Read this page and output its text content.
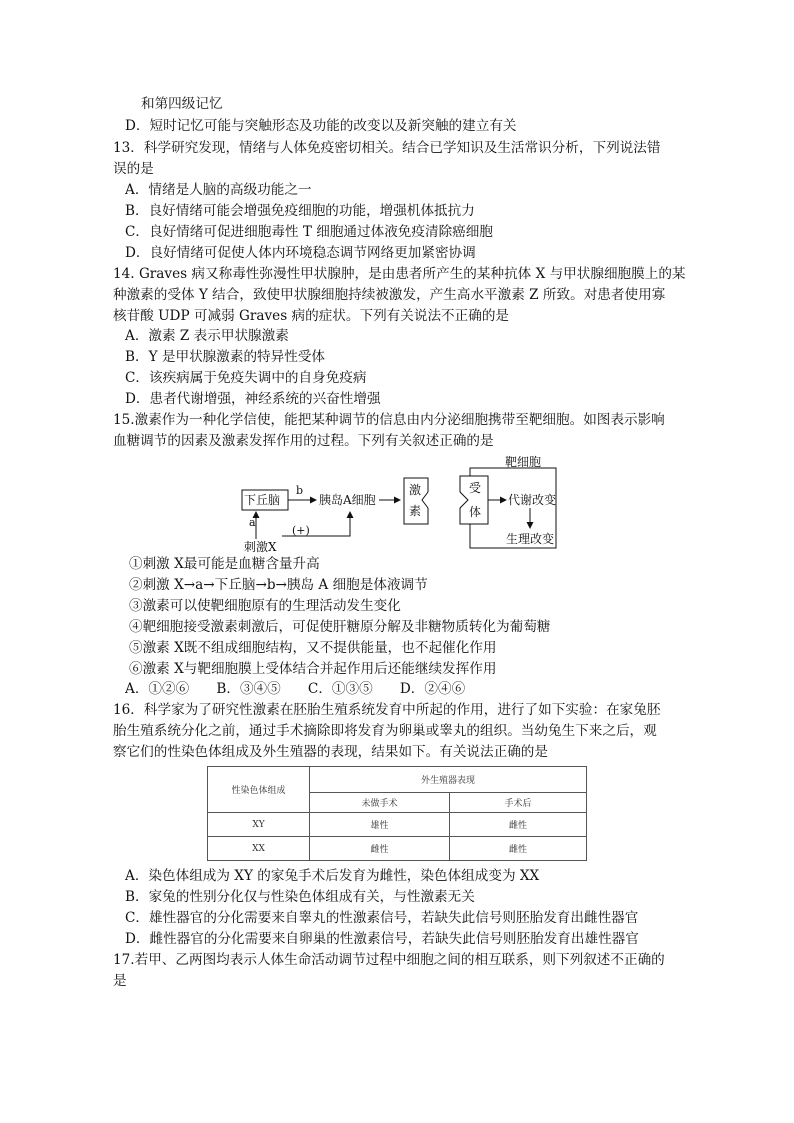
和第四级记忆
D．短时记忆可能与突触形态及功能的改变以及新突触的建立有关
13．科学研究发现，情绪与人体免疫密切相关。结合已学知识及生活常识分析，下列说法错
误的是
A．情绪是人脑的高级功能之一
B．良好情绪可能会增强免疫细胞的功能，增强机体抵抗力
C．良好情绪可促进细胞毒性 T 细胞通过体液免疫清除癌细胞
D．良好情绪可促使人体内环境稳态调节网络更加紧密协调
14. Graves 病又称毒性弥漫性甲状腺肿，是由患者所产生的某种抗体 X 与甲状腺细胞膜上的某
种激素的受体 Y 结合，致使甲状腺细胞持续被激发，产生高水平激素 Z 所致。对患者使用寡
核苷酸 UDP 可减弱 Graves 病的症状。下列有关说法不正确的是
A．激素 Z 表示甲状腺激素
B．Y 是甲状腺激素的特异性受体
C．该疾病属于免疫失调中的自身免疫病
D．患者代谢增强，神经系统的兴奋性增强
15.激素作为一种化学信使，能把某种调节的信息由内分泌细胞携带至靶细胞。如图表示影响
血糖调节的因素及激素发挥作用的过程。下列有关叙述正确的是
靶细胞
下丘脑
b
胰岛A细胞
激
素
受
体
代谢改变
生理改变
a
(+)
刺激X
①刺激 X最可能是血糖含量升高
②刺激 X→a→下丘脑→b→胰岛 A 细胞是体液调节
③激素可以使靶细胞原有的生理活动发生变化
④靶细胞接受激素刺激后，可促使肝糖原分解及非糖物质转化为葡萄糖
⑤激素 X既不组成细胞结构，又不提供能量，也不起催化作用
⑥激素 X与靶细胞膜上受体结合并起作用后还能继续发挥作用
A．①②⑥　　B．③④⑤　　C．①③⑤　　D．②④⑥
16．科学家为了研究性激素在胚胎生殖系统发育中所起的作用，进行了如下实验：在家兔胚
胎生殖系统分化之前，通过手术摘除即将发育为卵巢或睾丸的组织。当幼兔生下来之后，观
察它们的性染色体组成及外生殖器的表现，结果如下。有关说法正确的是
性染色体组成	外生殖器表现	
	未做手术	手术后
XY	雄性	雌性
XX	雌性	雌性
A．染色体组成为 XY 的家兔手术后发育为雌性，染色体组成变为 XX
B．家兔的性别分化仅与性染色体组成有关，与性激素无关
C．雄性器官的分化需要来自睾丸的性激素信号，若缺失此信号则胚胎发育出雌性器官
D．雌性器官的分化需要来自卵巢的性激素信号，若缺失此信号则胚胎发育出雄性器官
17.若甲、乙两图均表示人体生命活动调节过程中细胞之间的相互联系，则下列叙述不正确的
是
